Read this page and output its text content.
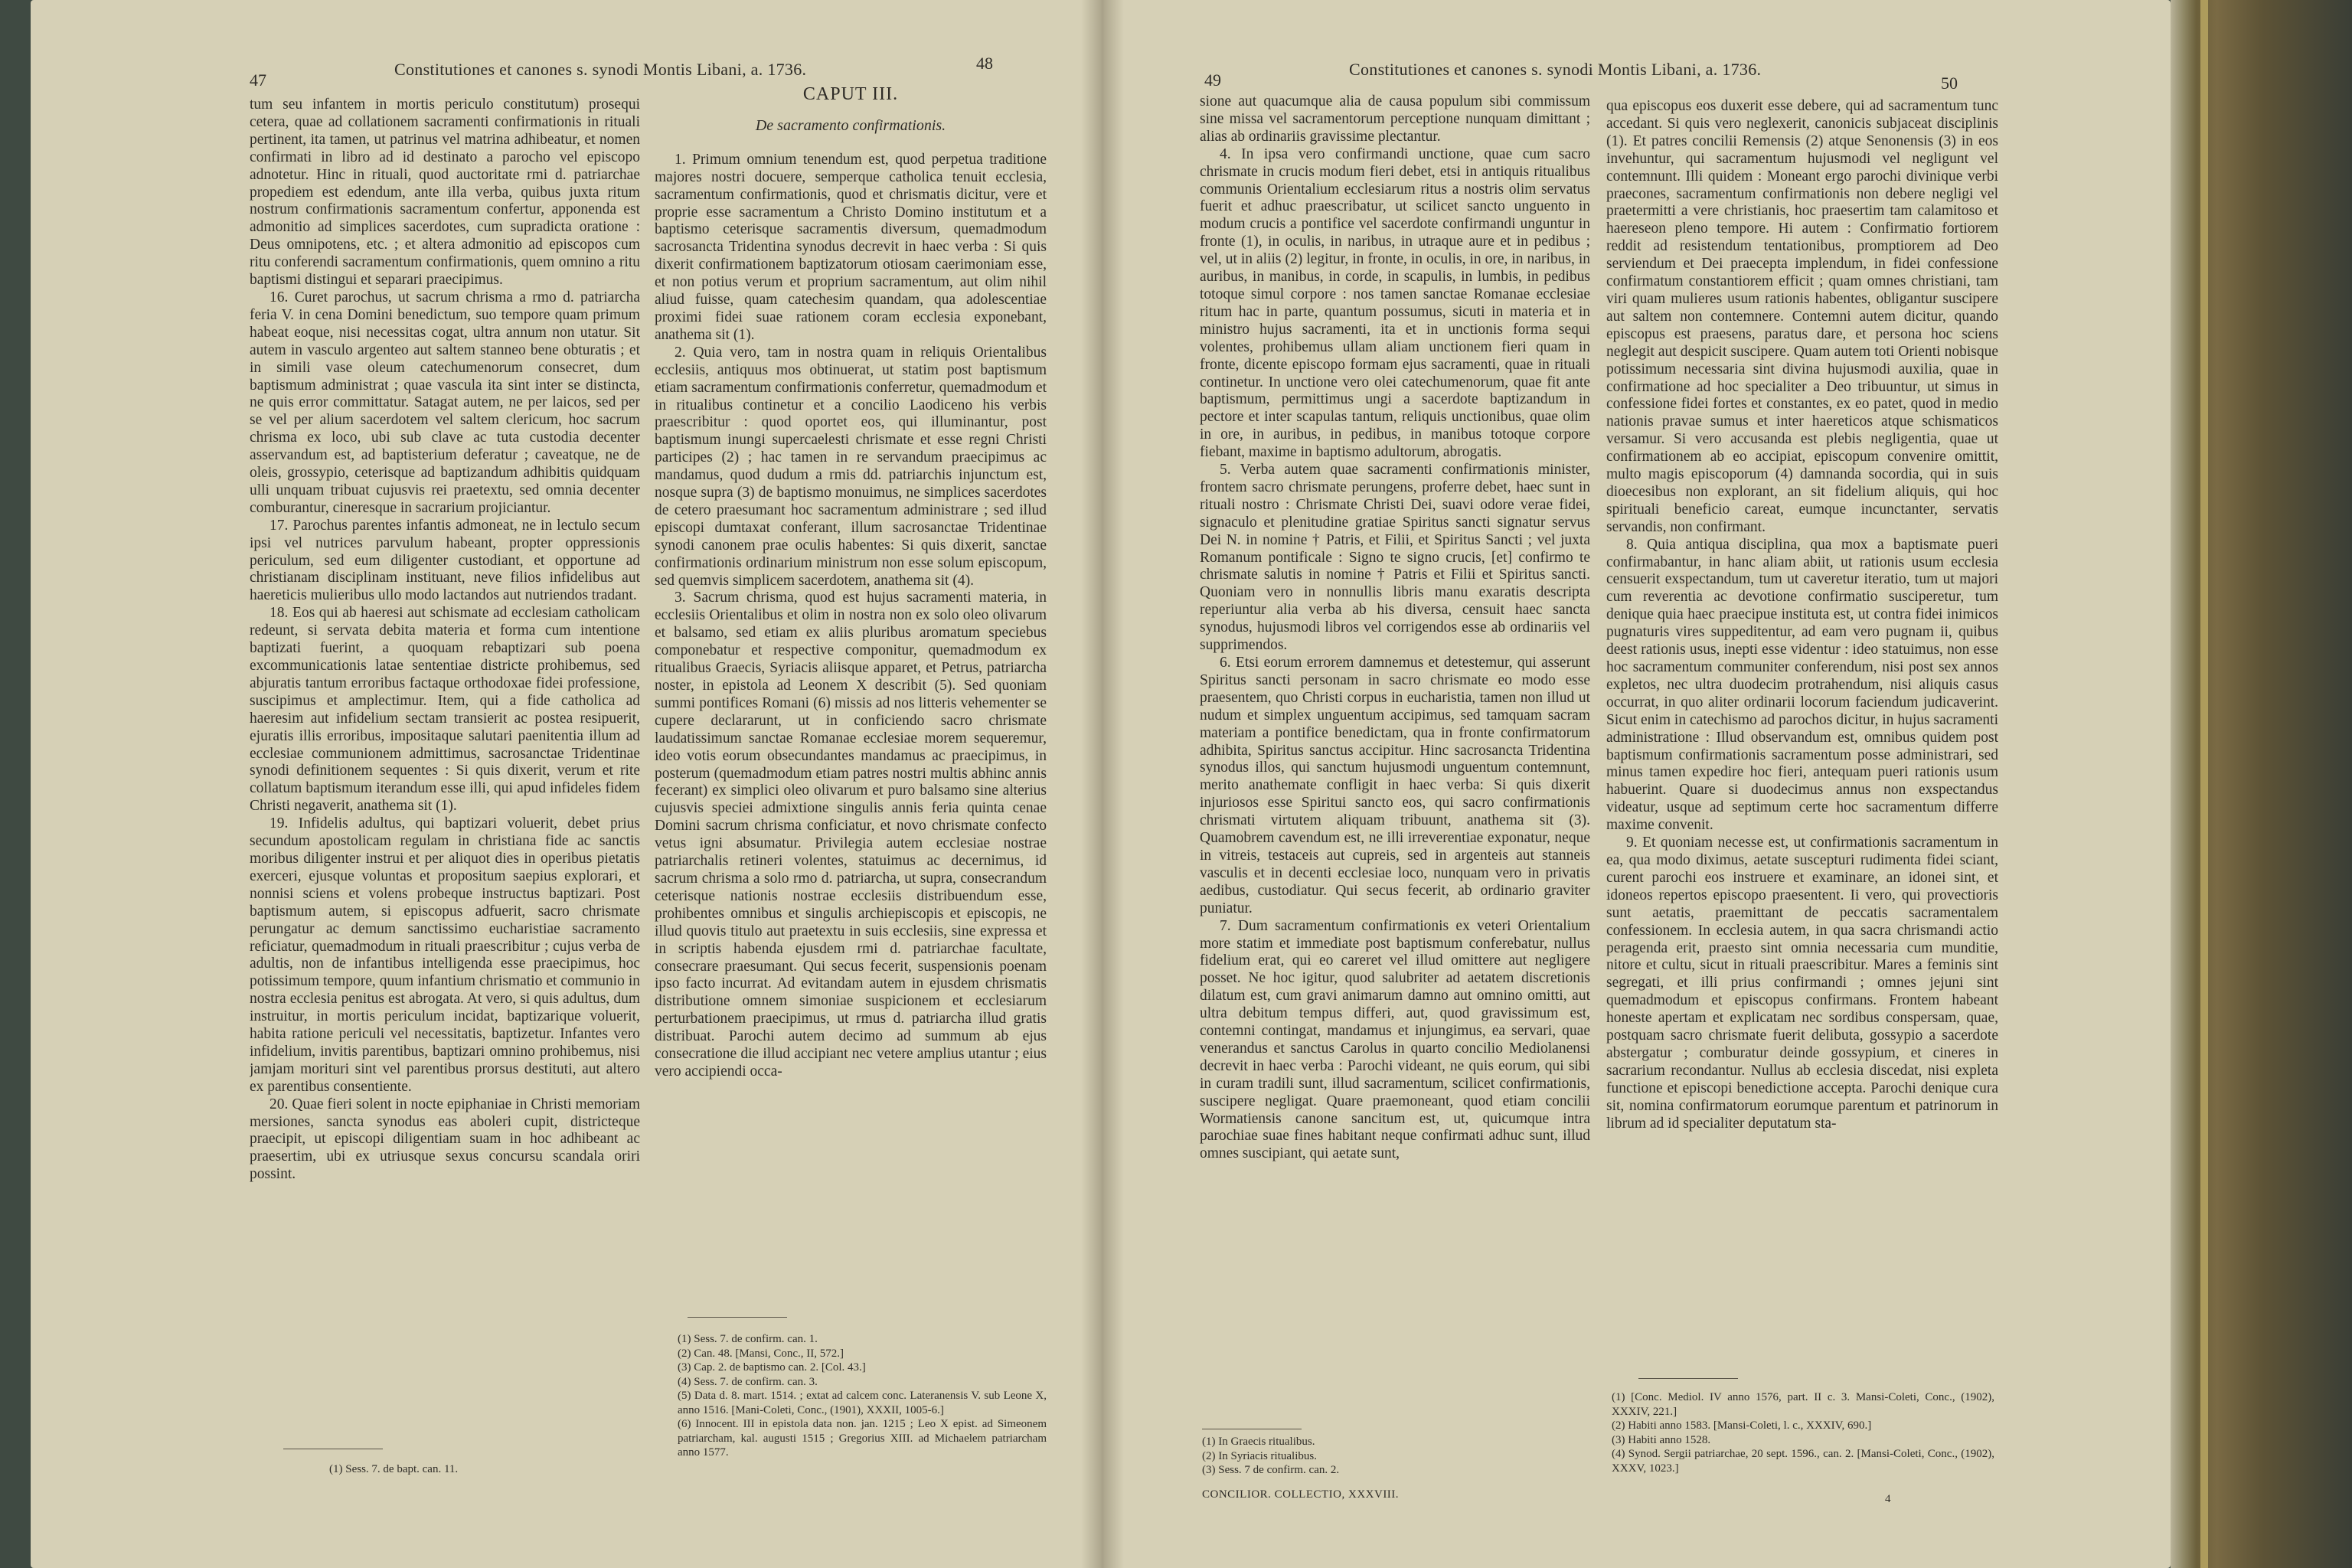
47
Constitutiones et canones s. synodi Montis Libani, a. 1736.	48

tum seu infantem in mortis periculo constitutum) prosequi cetera, quae ad collationem sacramenti confirmationis in rituali pertinent, ita tamen, ut patrinus vel matrina adhibeatur, et nomen confirmati in libro ad id destinato a parocho vel episcopo adnotetur. Hinc in rituali, quod auctoritate rmi d. patriarchae propediem est edendum, ante illa verba, quibus juxta ritum nostrum confirmationis sacramentum confertur, apponenda est admonitio ad simplices sacerdotes, cum supradicta oratione : Deus omnipotens, etc. ; et altera admonitio ad episcopos cum ritu conferendi sacramentum confirmationis, quem omnino a ritu baptismi distingui et separari praecipimus.

16. Curet parochus, ut sacrum chrisma a rmo d. patriarcha feria V. in cena Domini benedictum, suo tempore quam primum habeat eoque, nisi necessitas cogat, ultra annum non utatur. Sit autem in vasculo argenteo aut saltem stanneo bene obturatis ; et in simili vase oleum catechumenorum consecret, dum baptismum administrat ; quae vascula ita sint inter se distincta, ne quis error committatur. Satagat autem, ne per laicos, sed per se vel per alium sacerdotem vel saltem clericum, hoc sacrum chrisma ex loco, ubi sub clave ac tuta custodia decenter asservandum est, ad baptisterium deferatur ; caveatque, ne de oleis, grossypio, ceterisque ad baptizandum adhibitis quidquam ulli unquam tribuat cujusvis rei praetextu, sed omnia decenter comburantur, cineresque in sacrarium projiciantur.

17. Parochus parentes infantis admoneat, ne in lectulo secum ipsi vel nutrices parvulum habeant, propter oppressionis periculum, sed eum diligenter custodiant, et opportune ad christianam disciplinam instituant, neve filios infidelibus aut haereticis mulieribus ullo modo lactandos aut nutriendos tradant.

18. Eos qui ab haeresi aut schismate ad ecclesiam catholicam redeunt, si servata debita materia et forma cum intentione baptizati fuerint, a quoquam rebaptizari sub poena excommunicationis latae sententiae districte prohibemus, sed abjuratis tantum erroribus factaque orthodoxae fidei professione, suscipimus et amplectimur. Item, qui a fide catholica ad haeresim aut infidelium sectam transierit ac postea resipuerit, ejuratis illis erroribus, impositaque salutari paenitentia illum ad ecclesiae communionem admittimus, sacrosanctae Tridentinae synodi definitionem sequentes : Si quis dixerit, verum et rite collatum baptismum iterandum esse illi, qui apud infideles fidem Christi negaverit, anathema sit (1).

19. Infidelis adultus, qui baptizari voluerit, debet prius secundum apostolicam regulam in christiana fide ac sanctis moribus diligenter instrui et per aliquot dies in operibus pietatis exerceri, ejusque voluntas et propositum saepius explorari, et nonnisi sciens et volens probeque instructus baptizari. Post baptismum autem, si episcopus adfuerit, sacro chrismate perungatur ac demum sanctissimo eucharistiae sacramento reficiatur, quemadmodum in rituali praescribitur ; cujus verba de adultis, non de infantibus intelligenda esse praecipimus, hoc potissimum tempore, quum infantium chrismatio et communio in nostra ecclesia penitus est abrogata. At vero, si quis adultus, dum instruitur, in mortis periculum incidat, baptizarique voluerit, habita ratione periculi vel necessitatis, baptizetur. Infantes vero infidelium, invitis parentibus, baptizari omnino prohibemus, nisi jamjam morituri sint vel parentibus prorsus destituti, aut altero ex parentibus consentiente.

20. Quae fieri solent in nocte epiphaniae in Christi memoriam mersiones, sancta synodus eas aboleri cupit, districteque praecipit, ut episcopi diligentiam suam in hoc adhibeant ac praesertim, ubi ex utriusque sexus concursu scandala oriri possint.

(1) Sess. 7. de bapt. can. 11.
CAPUT III.
De sacramento confirmationis.

1. Primum omnium tenendum est, quod perpetua traditione majores nostri docuere, semperque catholica tenuit ecclesia, sacramentum confirmationis, quod et chrismatis dicitur, vere et proprie esse sacramentum a Christo Domino institutum et a baptismo ceterisque sacramentis diversum, quemadmodum sacrosancta Tridentina synodus decrevit in haec verba : Si quis dixerit confirmationem baptizatorum otiosam caerimoniam esse, et non potius verum et proprium sacramentum, aut olim nihil aliud fuisse, quam catechesim quandam, qua adolescentiae proximi fidei suae rationem coram ecclesia exponebant, anathema sit (1).

2. Quia vero, tam in nostra quam in reliquis Orientalibus ecclesiis, antiquus mos obtinuerat, ut statim post baptismum etiam sacramentum confirmationis conferretur, quemadmodum et in ritualibus continetur et a concilio Laodiceno his verbis praescribitur : quod oportet eos, qui illuminantur, post baptismum inungi supercaelesti chrismate et esse regni Christi participes (2) ; hac tamen in re servandum praecipimus ac mandamus, quod dudum a rmis dd. patriarchis injunctum est, nosque supra (3) de baptismo monuimus, ne simplices sacerdotes de cetero praesumant hoc sacramentum administrare ; sed illud episcopi dumtaxat conferant, illum sacrosanctae Tridentinae synodi canonem prae oculis habentes: Si quis dixerit, sanctae confirmationis ordinarium ministrum non esse solum episcopum, sed quemvis simplicem sacerdotem, anathema sit (4).

3. Sacrum chrisma, quod est hujus sacramenti materia, in ecclesiis Orientalibus et olim in nostra non ex solo oleo olivarum et balsamo, sed etiam ex aliis pluribus aromatum speciebus componebatur et respective componitur, quemadmodum ex ritualibus Graecis, Syriacis aliisque apparet, et Petrus, patriarcha noster, in epistola ad Leonem X describit (5). Sed quoniam summi pontifices Romani (6) missis ad nos litteris vehementer se cupere declararunt, ut in conficiendo sacro chrismate laudatissimum sanctae Romanae ecclesiae morem sequeremur, ideo votis eorum obsecundantes mandamus ac praecipimus, in posterum (quemadmodum etiam patres nostri multis abhinc annis fecerant) ex simplici oleo olivarum et puro balsamo sine alterius cujusvis speciei admixtione singulis annis feria quinta cenae Domini sacrum chrisma conficiatur, et novo chrismate confecto vetus igni absumatur. Privilegia autem ecclesiae nostrae patriarchalis retineri volentes, statuimus ac decernimus, id sacrum chrisma a solo rmo d. patriarcha, ut supra, consecrandum ceterisque nationis nostrae ecclesiis distribuendum esse, prohibentes omnibus et singulis archiepiscopis et episcopis, ne illud quovis titulo aut praetextu in suis ecclesiis, sine expressa et in scriptis habenda ejusdem rmi d. patriarchae facultate, consecrare praesumant. Qui secus fecerit, suspensionis poenam ipso facto incurrat. Ad evitandam autem in ejusdem chrismatis distributione omnem simoniae suspicionem et ecclesiarum perturbationem praecipimus, ut rmus d. patriarcha illud gratis distribuat. Parochi autem decimo ad summum ab ejus consecratione die illud accipiant nec vetere amplius utantur ; eius vero accipiendi occa-

(1) Sess. 7. de confirm. can. 1.
(2) Can. 48. [Mansi, Conc., II, 572.]
(3) Cap. 2. de baptismo can. 2. [Col. 43.]
(4) Sess. 7. de confirm. can. 3.
(5) Data d. 8. mart. 1514. ; extat ad calcem conc. Lateranensis V. sub Leone X, anno 1516. [Mani-Coleti, Conc., (1901), XXXII, 1005-6.]
(6) Innocent. III in epistola data non. jan. 1215 ; Leo X epist. ad Simeonem patriarcham, kal. augusti 1515 ; Gregorius XIII. ad Michaelem patriarcham anno 1577.
49
Constitutiones et canones s. synodi Montis Libani, a. 1736.
50

sione aut quacumque alia de causa populum sibi commissum sine missa vel sacramentorum perceptione nunquam dimittant ; alias ab ordinariis gravissime plectantur.

4. In ipsa vero confirmandi unctione, quae cum sacro chrismate in crucis modum fieri debet, etsi in antiquis ritualibus communis Orientalium ecclesiarum ritus a nostris olim servatus fuerit et adhuc praescribatur, ut scilicet sancto unguento in modum crucis a pontifice vel sacerdote confirmandi unguntur in fronte (1), in oculis, in naribus, in utraque aure et in pedibus ; vel, ut in aliis (2) legitur, in fronte, in oculis, in ore, in naribus, in auribus, in manibus, in corde, in scapulis, in lumbis, in pedibus totoque simul corpore : nos tamen sanctae Romanae ecclesiae ritum hac in parte, quantum possumus, sicuti in materia et in ministro hujus sacramenti, ita et in unctionis forma sequi volentes, prohibemus ullam aliam unctionem fieri quam in fronte, dicente episcopo formam ejus sacramenti, quae in rituali continetur. In unctione vero olei catechumenorum, quae fit ante baptismum, permittimus ungi a sacerdote baptizandum in pectore et inter scapulas tantum, reliquis unctionibus, quae olim in ore, in auribus, in pedibus, in manibus totoque corpore fiebant, maxime in baptismo adultorum, abrogatis.

5. Verba autem quae sacramenti confirmationis minister, frontem sacro chrismate perungens, proferre debet, haec sunt in rituali nostro : Chrismate Christi Dei, suavi odore verae fidei, signaculo et plenitudine gratiae Spiritus sancti signatur servus Dei N. in nomine † Patris, et Filii, et Spiritus Sancti ; vel juxta Romanum pontificale : Signo te signo crucis, [et] confirmo te chrismate salutis in nomine † Patris et Filii et Spiritus sancti. Quoniam vero in nonnullis libris manu exaratis descripta reperiuntur alia verba ab his diversa, censuit haec sancta synodus, hujusmodi libros vel corrigendos esse ab ordinariis vel supprimendos.

6. Etsi eorum errorem damnemus et detestemur, qui asserunt Spiritus sancti personam in sacro chrismate eo modo esse praesentem, quo Christi corpus in eucharistia, tamen non illud ut nudum et simplex unguentum accipimus, sed tamquam sacram materiam a pontifice benedictam, qua in fronte confirmatorum adhibita, Spiritus sanctus accipitur. Hinc sacrosancta Tridentina synodus illos, qui sanctum hujusmodi unguentum contemnunt, merito anathemate confligit in haec verba: Si quis dixerit injuriosos esse Spiritui sancto eos, qui sacro confirmationis chrismati virtutem aliquam tribuunt, anathema sit (3). Quamobrem cavendum est, ne illi irreverentiae exponatur, neque in vitreis, testaceis aut cupreis, sed in argenteis aut stanneis vasculis et in decenti ecclesiae loco, nunquam vero in privatis aedibus, custodiatur. Qui secus fecerit, ab ordinario graviter puniatur.

7. Dum sacramentum confirmationis ex veteri Orientalium more statim et immediate post baptismum conferebatur, nullus fidelium erat, qui eo careret vel illud omittere aut negligere posset. Ne hoc igitur, quod salubriter ad aetatem discretionis dilatum est, cum gravi animarum damno aut omnino omitti, aut ultra debitum tempus differi, aut, quod gravissimum est, contemni contingat, mandamus et injungimus, ea servari, quae venerandus et sanctus Carolus in quarto concilio Mediolanensi decrevit in haec verba : Parochi videant, ne quis eorum, qui sibi in curam tradili sunt, illud sacramentum, scilicet confirmationis, suscipere negligat. Quare praemoneant, quod etiam concilii Wormatiensis canone sancitum est, ut, quicumque intra parochiae suae fines habitant neque confirmati adhuc sunt, illud omnes suscipiant, qui aetate sunt,

(1) In Graecis ritualibus.
(2) In Syriacis ritualibus.
(3) Sess. 7 de confirm. can. 2.
CONCILIOR. COLLECTIO, XXXVIII.

qua episcopus eos duxerit esse debere, qui ad sacramentum tunc accedant. Si quis vero neglexerit, canonicis subjaceat disciplinis (1). Et patres concilii Remensis (2) atque Senonensis (3) in eos invehuntur, qui sacramentum hujusmodi vel negligunt vel contemnunt. Illi quidem : Moneant ergo parochi divinique verbi praecones, sacramentum confirmationis non debere negligi vel praetermitti a vere christianis, hoc praesertim tam calamitoso et haereseon pleno tempore. Hi autem : Confirmatio fortiorem reddit ad resistendum tentationibus, promptiorem ad Deo serviendum et Dei praecepta implendum, in fidei confessione confirmatum constantiorem efficit ; quam omnes christiani, tam viri quam mulieres usum rationis habentes, obligantur suscipere aut saltem non contemnere. Contemni autem dicitur, quando episcopus est praesens, paratus dare, et persona hoc sciens neglegit aut despicit suscipere. Quam autem toti Orienti nobisque potissimum necessaria sint divina hujusmodi auxilia, quae in confirmatione ad hoc specialiter a Deo tribuuntur, ut simus in confessione fidei fortes et constantes, ex eo patet, quod in medio nationis pravae sumus et inter haereticos atque schismaticos versamur. Si vero accusanda est plebis negligentia, quae ut confirmationem ab eo accipiat, episcopum convenire omittit, multo magis episcoporum (4) damnanda socordia, qui in suis dioecesibus non explorant, an sit fidelium aliquis, qui hoc spirituali beneficio careat, eumque incunctanter, servatis servandis, non confirmant.

8. Quia antiqua disciplina, qua mox a baptismate pueri confirmabantur, in hanc aliam abiit, ut rationis usum ecclesia censuerit exspectandum, tum ut caveretur iteratio, tum ut majori cum reverentia ac devotione confirmatio susciperetur, tum denique quia haec praecipue instituta est, ut contra fidei inimicos pugnaturis vires suppeditentur, ad eam vero pugnam ii, quibus deest rationis usus, inepti esse videntur : ideo statuimus, non esse hoc sacramentum communiter conferendum, nisi post sex annos expletos, nec ultra duodecim protrahendum, nisi aliquis casus occurrat, in quo aliter ordinarii locorum faciendum judicaverint. Sicut enim in catechismo ad parochos dicitur, in hujus sacramenti administratione : Illud observandum est, omnibus quidem post baptismum confirmationis sacramentum posse administrari, sed minus tamen expedire hoc fieri, antequam pueri rationis usum habuerint. Quare si duodecimus annus non exspectandus videatur, usque ad septimum certe hoc sacramentum differre maxime convenit.

9. Et quoniam necesse est, ut confirmationis sacramentum in ea, qua modo diximus, aetate suscepturi rudimenta fidei sciant, curent parochi eos instruere et examinare, an idonei sint, et idoneos repertos episcopo praesentent. Ii vero, qui provectioris sunt aetatis, praemittant de peccatis sacramentalem confessionem. In ecclesia autem, in qua sacra chrismandi actio peragenda erit, praesto sint omnia necessaria cum munditie, nitore et cultu, sicut in rituali praescribitur. Mares a feminis sint segregati, et illi prius confirmandi ; omnes jejuni sint quemadmodum et episcopus confirmans. Frontem habeant honeste apertam et explicatam nec sordibus conspersam, quae, postquam sacro chrismate fuerit delibuta, gossypio a sacerdote abstergatur ; comburatur deinde gossypium, et cineres in sacrarium recondantur. Nullus ab ecclesia discedat, nisi expleta functione et episcopi benedictione accepta. Parochi denique cura sit, nomina confirmatorum eorumque parentum et patrinorum in librum ad id specialiter deputatum sta-

(1) [Conc. Mediol. IV anno 1576, part. II c. 3. Mansi-Coleti, Conc., (1902), XXXIV, 221.]
(2) Habiti anno 1583. [Mansi-Coleti, l. c., XXXIV, 690.]
(3) Habiti anno 1528.
(4) Synod. Sergii patriarchae, 20 sept. 1596., can. 2. [Mansi-Coleti, Conc., (1902), XXXV, 1023.]
4
